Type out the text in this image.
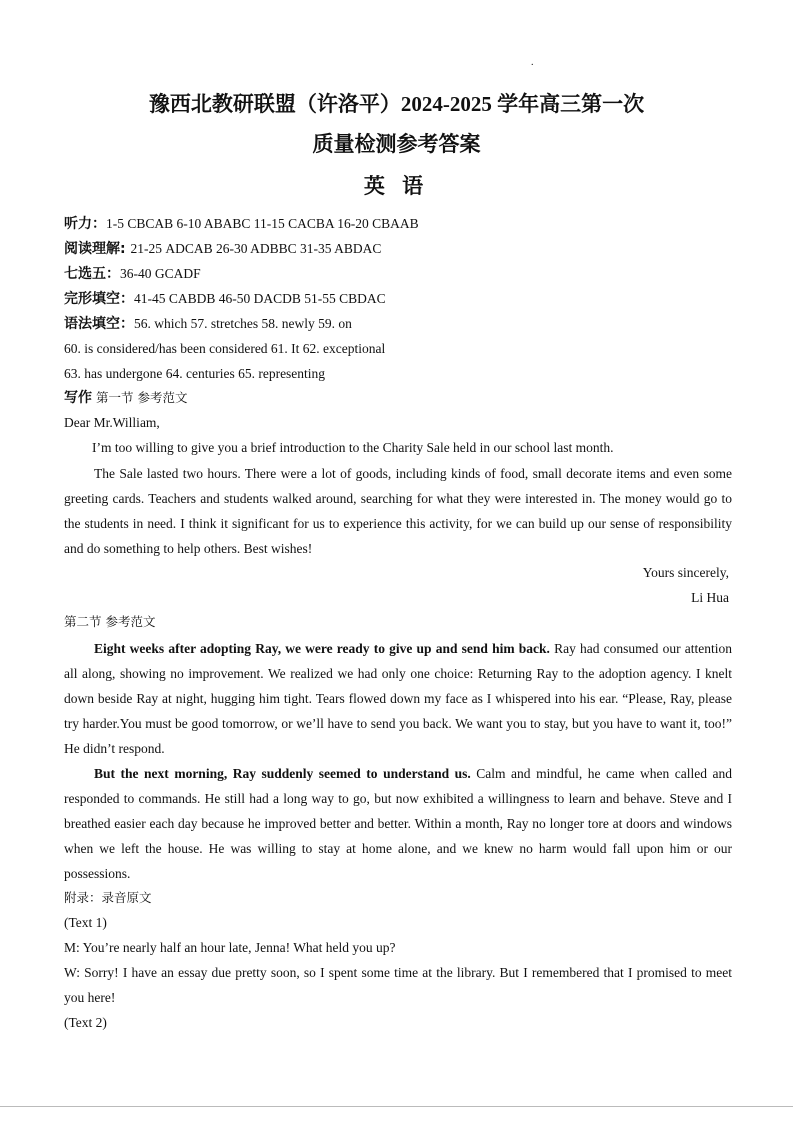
.
豫西北教研联盟（许洛平）2024-2025 学年高三第一次
质量检测参考答案
英 语
听力：1-5 CBCAB 6-10 ABABC 11-15 CACBA 16-20 CBAAB
阅读理解: 21-25 ADCAB 26-30 ADBBC 31-35 ABDAC
七选五：36-40 GCADF
完形填空：41-45 CABDB 46-50 DACDB 51-55 CBDAC
语法填空：56. which 57. stretches 58. newly 59. on
60. is considered/has been considered 61. It 62. exceptional
63. has undergone 64. centuries 65. representing
写作 第一节 参考范文
Dear Mr.William,
I’m too willing to give you a brief introduction to the Charity Sale held in our school last month.

The Sale lasted two hours. There were a lot of goods, including kinds of food, small decorate items and even some greeting cards. Teachers and students walked around, searching for what they were interested in. The money would go to the students in need. I think it significant for us to experience this activity, for we can build up our sense of responsibility and do something to help others. Best wishes!

Yours sincerely,
Li Hua
第二节 参考范文

Eight weeks after adopting Ray, we were ready to give up and send him back. Ray had consumed our attention all along, showing no improvement. We realized we had only one choice: Returning Ray to the adoption agency. I knelt down beside Ray at night, hugging him tight. Tears flowed down my face as I whispered into his ear. “Please, Ray, please try harder.You must be good tomorrow, or we’ll have to send you back. We want you to stay, but you have to want it, too!” He didn’t respond.

But the next morning, Ray suddenly seemed to understand us. Calm and mindful, he came when called and responded to commands. He still had a long way to go, but now exhibited a willingness to learn and behave. Steve and I breathed easier each day because he improved better and better. Within a month, Ray no longer tore at doors and windows when we left the house. He was willing to stay at home alone, and we knew no harm would fall upon him or our possessions.

附录：录音原文
(Text 1)
M: You’re nearly half an hour late, Jenna! What held you up?

W: Sorry! I have an essay due pretty soon, so I spent some time at the library. But I remembered that I promised to meet you here!

(Text 2)
